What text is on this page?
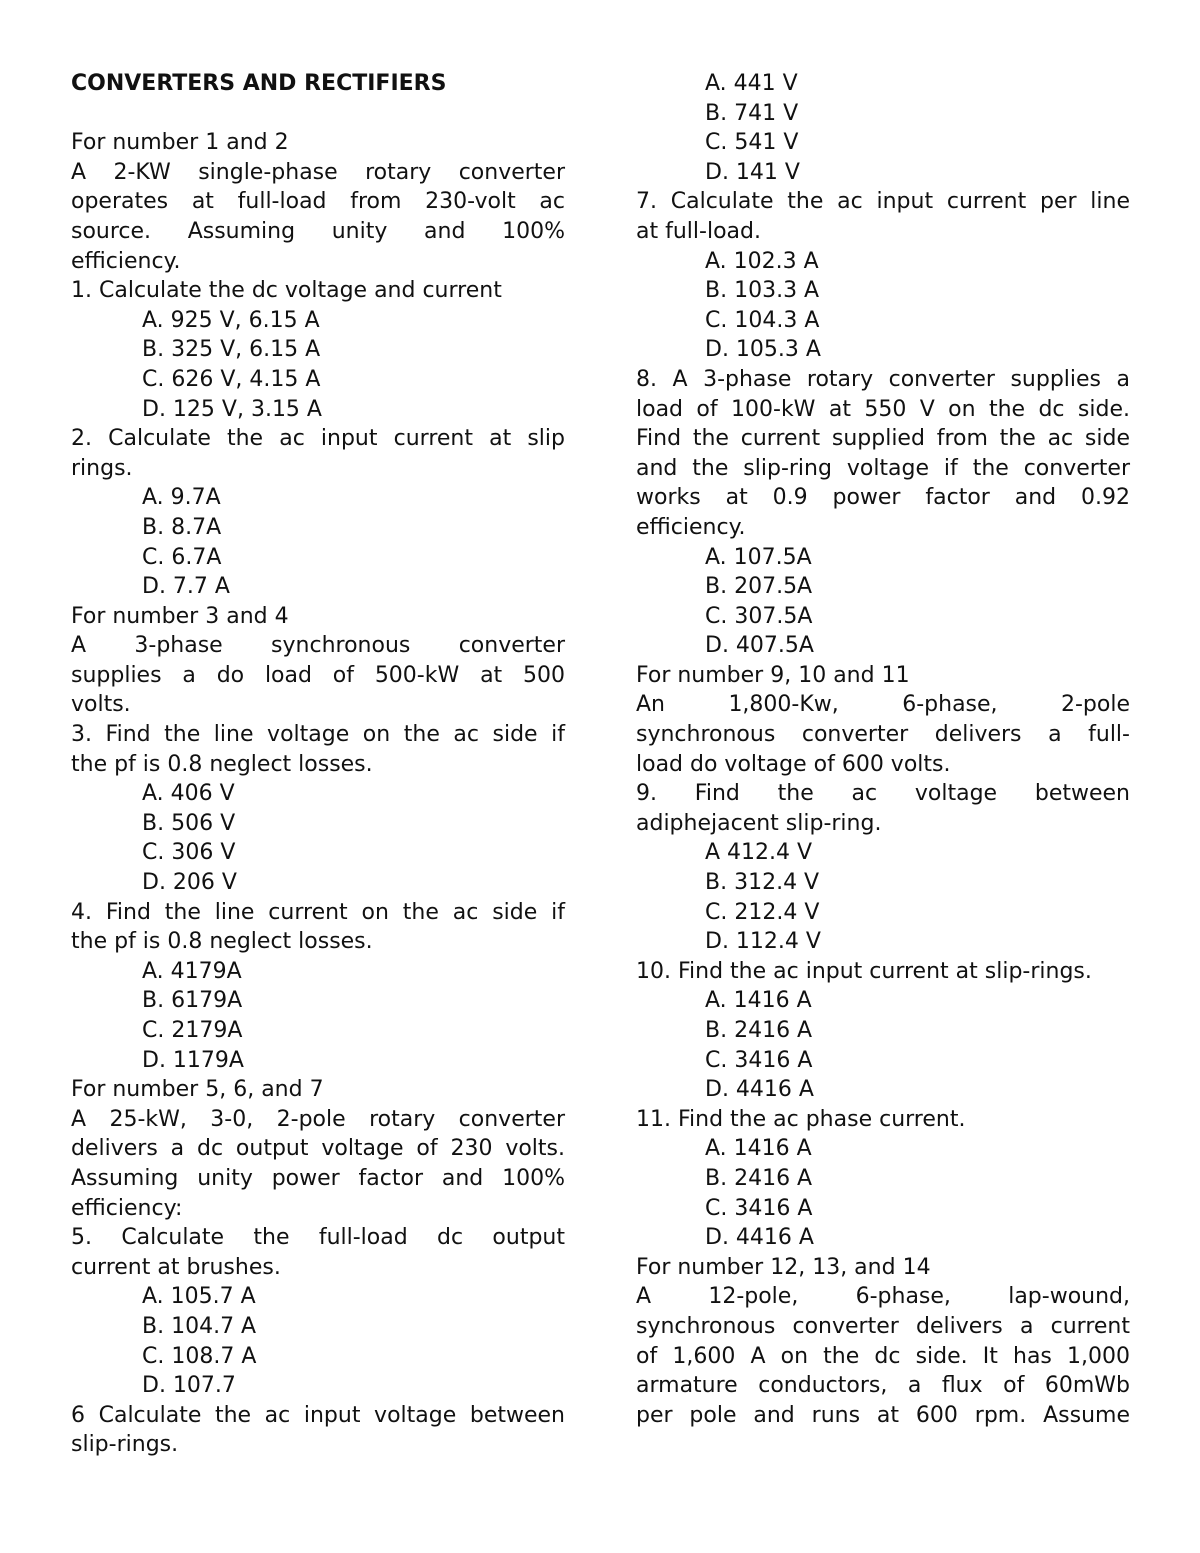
CONVERTERS AND RECTIFIERS
For number 1 and 2
A 2-KW single-phase rotary converter
operates at full-load from 230-volt ac
source. Assuming unity and 100%
efficiency.
1. Calculate the dc voltage and current
A. 925 V, 6.15 A
B. 325 V, 6.15 A
C. 626 V, 4.15 A
D. 125 V, 3.15 A
2. Calculate the ac input current at slip
rings.
A. 9.7A
B. 8.7A
C. 6.7A
D. 7.7 A
For number 3 and 4
A 3-phase synchronous converter
supplies a do load of 500-kW at 500
volts.
3. Find the line voltage on the ac side if
the pf is 0.8 neglect losses.
A. 406 V
B. 506 V
C. 306 V
D. 206 V
4. Find the line current on the ac side if
the pf is 0.8 neglect losses.
A. 4179A
B. 6179A
C. 2179A
D. 1179A
For number 5, 6, and 7
A 25-kW, 3-0, 2-pole rotary converter
delivers a dc output voltage of 230 volts.
Assuming unity power factor and 100%
efficiency:
5. Calculate the full-load dc output
current at brushes.
A. 105.7 A
B. 104.7 A
C. 108.7 A
D. 107.7
6 Calculate the ac input voltage between
slip-rings.
A. 441 V
B. 741 V
C. 541 V
D. 141 V
7. Calculate the ac input current per line
at full-load.
A. 102.3 A
B. 103.3 A
C. 104.3 A
D. 105.3 A
8. A 3-phase rotary converter supplies a
load of 100-kW at 550 V on the dc side.
Find the current supplied from the ac side
and the slip-ring voltage if the converter
works at 0.9 power factor and 0.92
efficiency.
A. 107.5A
B. 207.5A
C. 307.5A
D. 407.5A
For number 9, 10 and 11
An 1,800-Kw, 6-phase, 2-pole
synchronous converter delivers a full-
load do voltage of 600 volts.
9. Find the ac voltage between
adiphejacent slip-ring.
A 412.4 V
B. 312.4 V
C. 212.4 V
D. 112.4 V
10. Find the ac input current at slip-rings.
A. 1416 A
B. 2416 A
C. 3416 A
D. 4416 A
11. Find the ac phase current.
A. 1416 A
B. 2416 A
C. 3416 A
D. 4416 A
For number 12, 13, and 14
A 12-pole, 6-phase, lap-wound,
synchronous converter delivers a current
of 1,600 A on the dc side. It has 1,000
armature conductors, a flux of 60mWb
per pole and runs at 600 rpm. Assume
